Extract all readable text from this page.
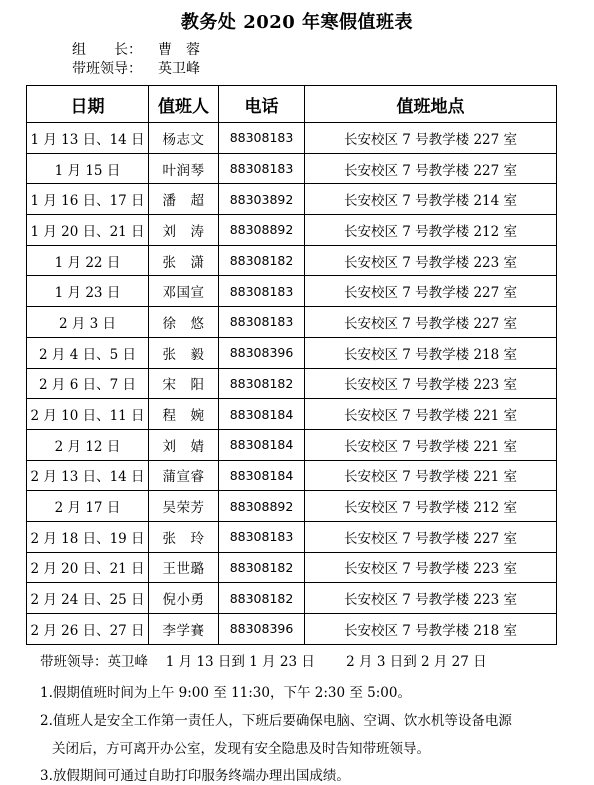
教务处 2020 年寒假值班表
组　　长： 曹　蓉
带班领导： 英卫峰
日期	值班人	电话	值班地点
1 月 13 日、14 日	杨志文	88308183	长安校区 7 号教学楼 227 室
1 月 15 日	叶润琴	88308183	长安校区 7 号教学楼 227 室
1 月 16 日、17 日	潘　超	88303892	长安校区 7 号教学楼 214 室
1 月 20 日、21 日	刘　涛	88308892	长安校区 7 号教学楼 212 室
1 月 22 日	张　潇	88308182	长安校区 7 号教学楼 223 室
1 月 23 日	邓国宣	88308183	长安校区 7 号教学楼 227 室
2 月 3 日	徐　悠	88308183	长安校区 7 号教学楼 227 室
2 月 4 日、5 日	张　毅	88308396	长安校区 7 号教学楼 218 室
2 月 6 日、7 日	宋　阳	88308182	长安校区 7 号教学楼 223 室
2 月 10 日、11 日	程　婉	88308184	长安校区 7 号教学楼 221 室
2 月 12 日	刘　婧	88308184	长安校区 7 号教学楼 221 室
2 月 13 日、14 日	蒲宣睿	88308184	长安校区 7 号教学楼 221 室
2 月 17 日	吴荣芳	88308892	长安校区 7 号教学楼 212 室
2 月 18 日、19 日	张　玲	88308183	长安校区 7 号教学楼 227 室
2 月 20 日、21 日	王世璐	88308182	长安校区 7 号教学楼 223 室
2 月 24 日、25 日	倪小勇	88308182	长安校区 7 号教学楼 223 室
2 月 26 日、27 日	李学賽	88308396	长安校区 7 号教学楼 218 室
带班领导：英卫峰　 1 月 13 日到 1 月 23 日　　 2 月 3 日到 2 月 27 日
1.假期值班时间为上午 9:00 至 11:30，下午 2:30 至 5:00。
2.值班人是安全工作第一责任人，下班后要确保电脑、空调、饮水机等设备电源
关闭后，方可离开办公室，发现有安全隐患及时告知带班领导。
3.放假期间可通过自助打印服务终端办理出国成绩。
